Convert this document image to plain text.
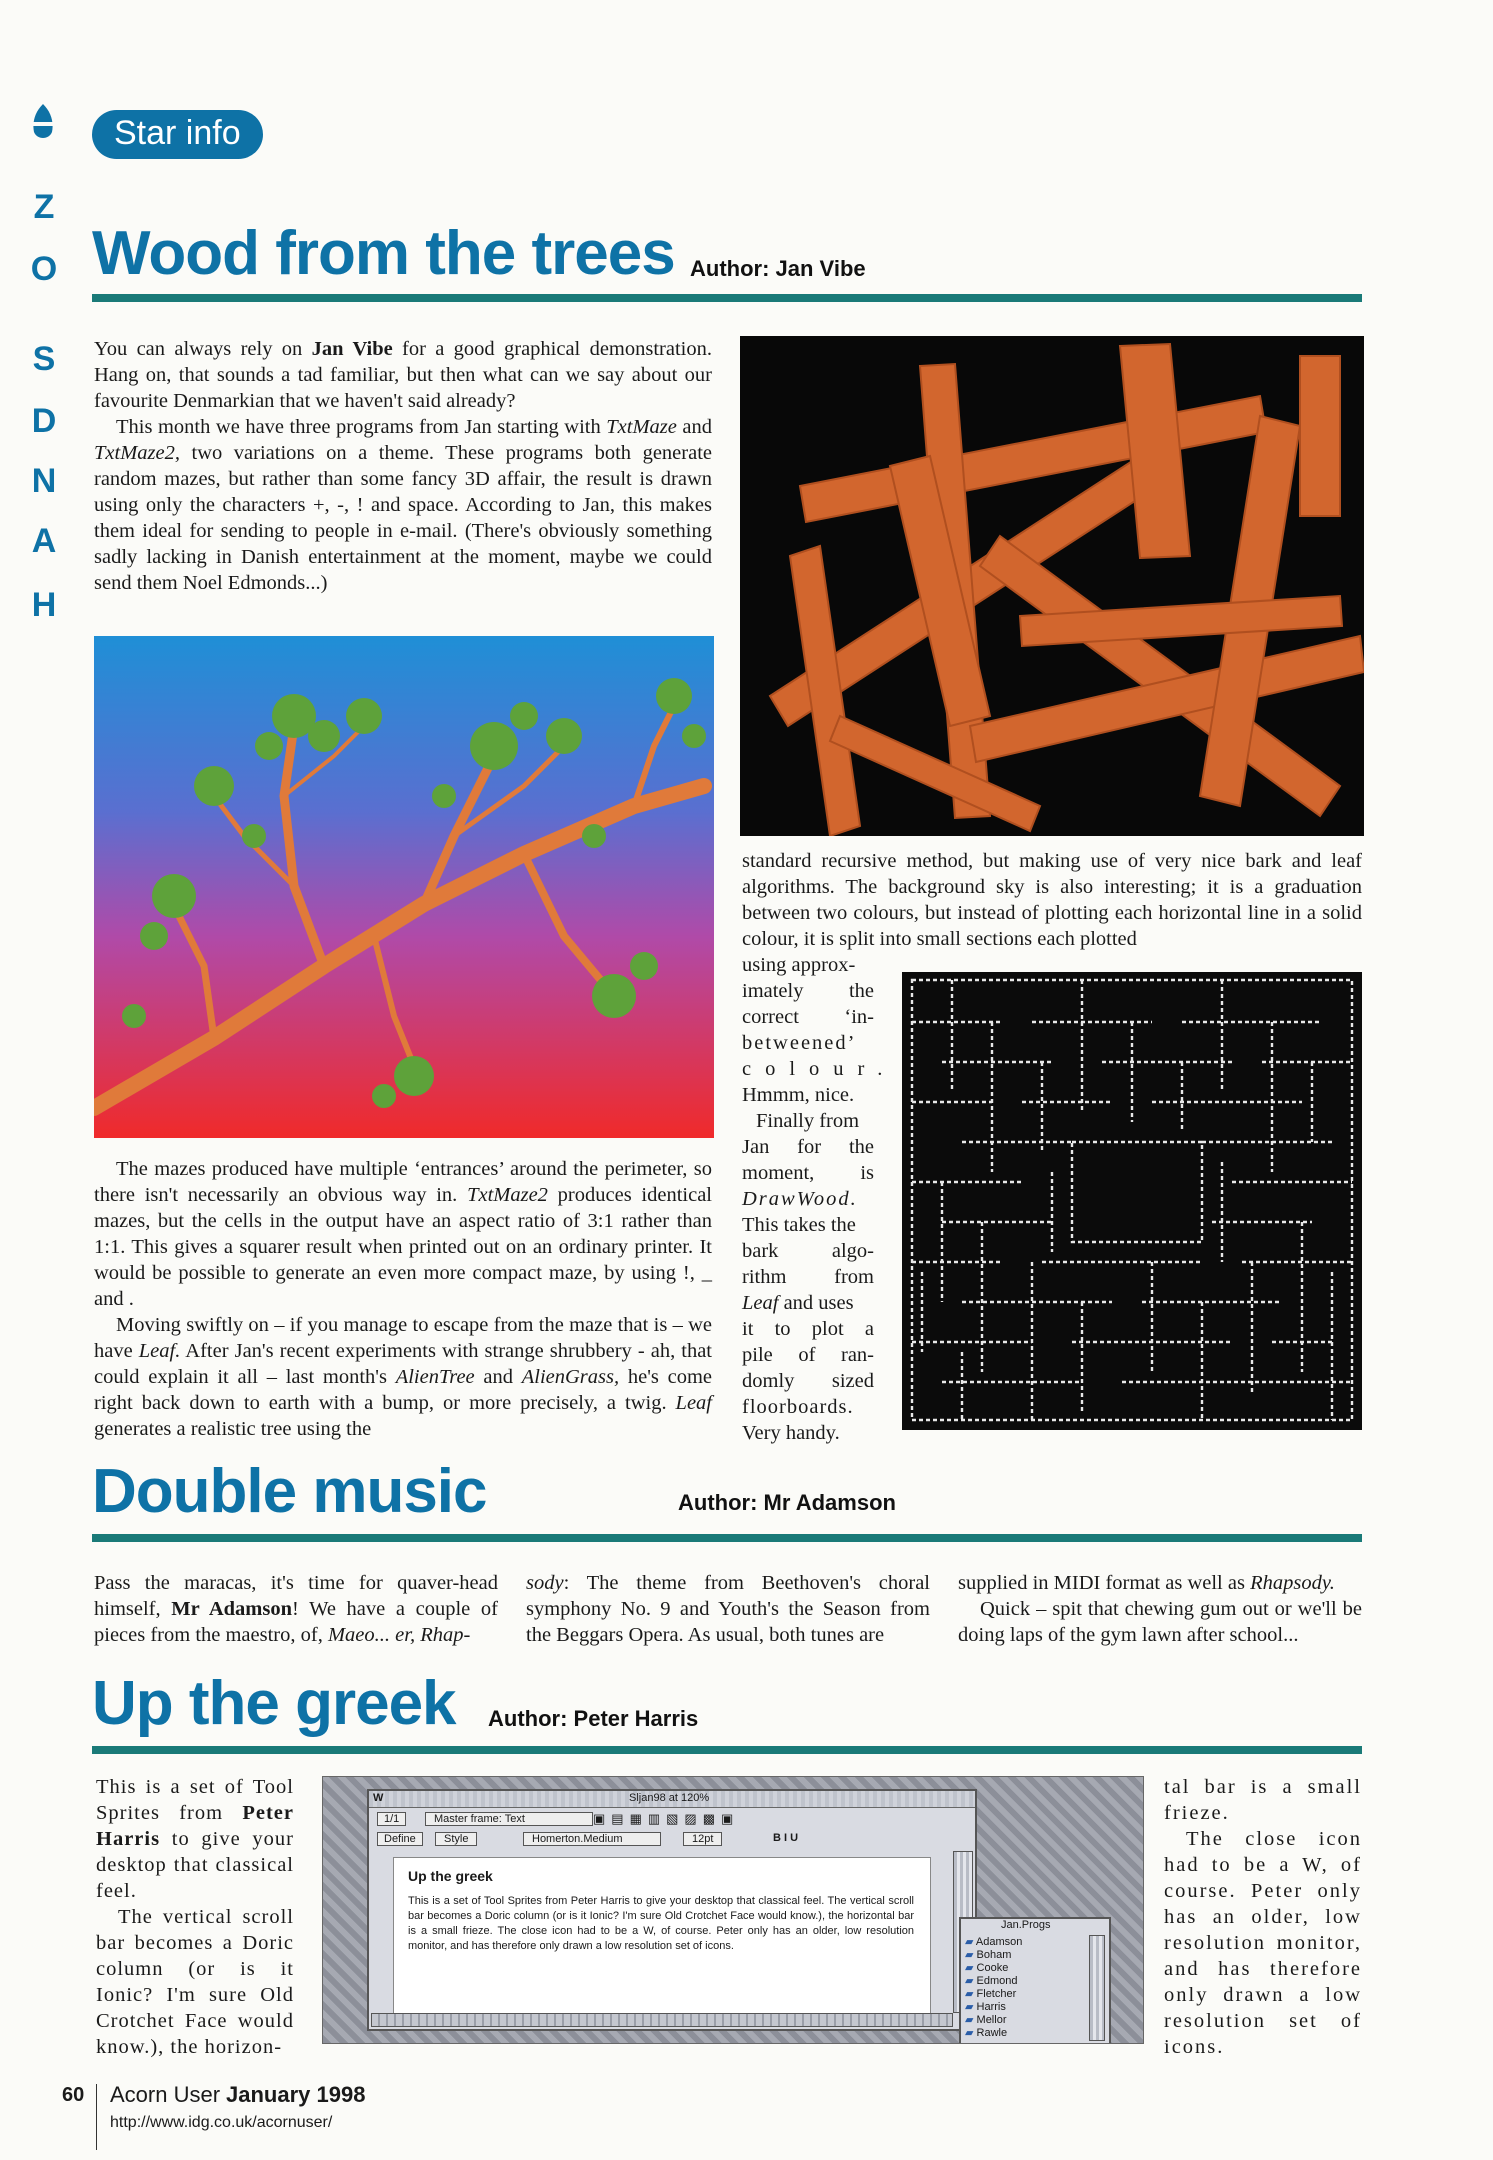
Z
O
S
D
N
A
H
Star info
Wood from the trees Author: Jan Vibe

You can always rely on Jan Vibe for a good graphical demonstration. Hang on, that sounds a tad familiar, but then what can we say about our favourite Denmarkian that we haven't said already?

This month we have three programs from Jan starting with TxtMaze and TxtMaze2, two variations on a theme. These programs both generate random mazes, but rather than some fancy 3D affair, the result is drawn using only the characters +, -, ! and space. According to Jan, this makes them ideal for sending to people in e-mail. (There's obviously something sadly lacking in Danish entertainment at the moment, maybe we could send them Noel Edmonds...)

The mazes produced have multiple ‘entrances’ around the perimeter, so there isn't necessarily an obvious way in. TxtMaze2 produces identical mazes, but the cells in the output have an aspect ratio of 3:1 rather than 1:1. This gives a squarer result when printed out on an ordinary printer. It would be possible to generate an even more compact maze, by using !, _ and .

Moving swiftly on – if you manage to escape from the maze that is – we have Leaf. After Jan's recent experiments with strange shrubbery - ah, that could explain it all – last month's AlienTree and AlienGrass, he's come right back down to earth with a bump, or more precisely, a twig. Leaf generates a realistic tree using the

standard recursive method, but making use of very nice bark and leaf algorithms. The background sky is also interesting; it is a graduation between two colours, but instead of plotting each horizontal line in a solid colour, it is split into small sections each plotted

using approx-
imately the
correct ‘in-
betweened’
colour.
Hmmm, nice.
Finally from
Jan for the
moment, is
DrawWood.
This takes the
bark algo-
rithm from
Leaf and uses
it to plot a
pile of ran-
domly sized
floorboards.
Very handy.
Double music	Author: Mr Adamson

Pass the maracas, it's time for quaver-head himself, Mr Adamson! We have a couple of pieces from the maestro, of, Maeo... er, Rhap-

sody: The theme from Beethoven's choral symphony No. 9 and Youth's the Season from the Beggars Opera. As usual, both tunes are

supplied in MIDI format as well as Rhapsody.

Quick – spit that chewing gum out or we'll be doing laps of the gym lawn after school...

Up the greek Author: Peter Harris

This is a set of Tool Sprites from Peter Harris to give your desktop that classical feel.

The vertical scroll bar becomes a Doric column (or is it Ionic? I'm sure Old Crotchet Face would know.), the horizon-

tal bar is a small frieze.

The close icon had to be a W, of course. Peter only has an older, low resolution monitor, and has therefore only drawn a low resolution set of icons.

W	Sljan98 at 120%
1/1	Master frame: Text	▣▤▦▥▧▨▩▣
Define	Style	Homerton.Medium	12pt	B I U
Up the greek
This is a set of Tool Sprites from Peter Harris to give your desktop that classical feel. The vertical scroll bar becomes a Doric column (or is it Ionic? I'm sure Old Crotchet Face would know.), the horizontal bar is a small frieze. The close icon had to be a W, of course. Peter only has an older, low resolution monitor, and has therefore only drawn a low resolution set of icons.
Jan.Progs
▰ Adamson
▰ Boham
▰ Cooke
▰ Edmond
▰ Fletcher
▰ Harris
▰ Mellor
▰ Rawle
60 Acorn User January 1998
http://www.idg.co.uk/acornuser/
